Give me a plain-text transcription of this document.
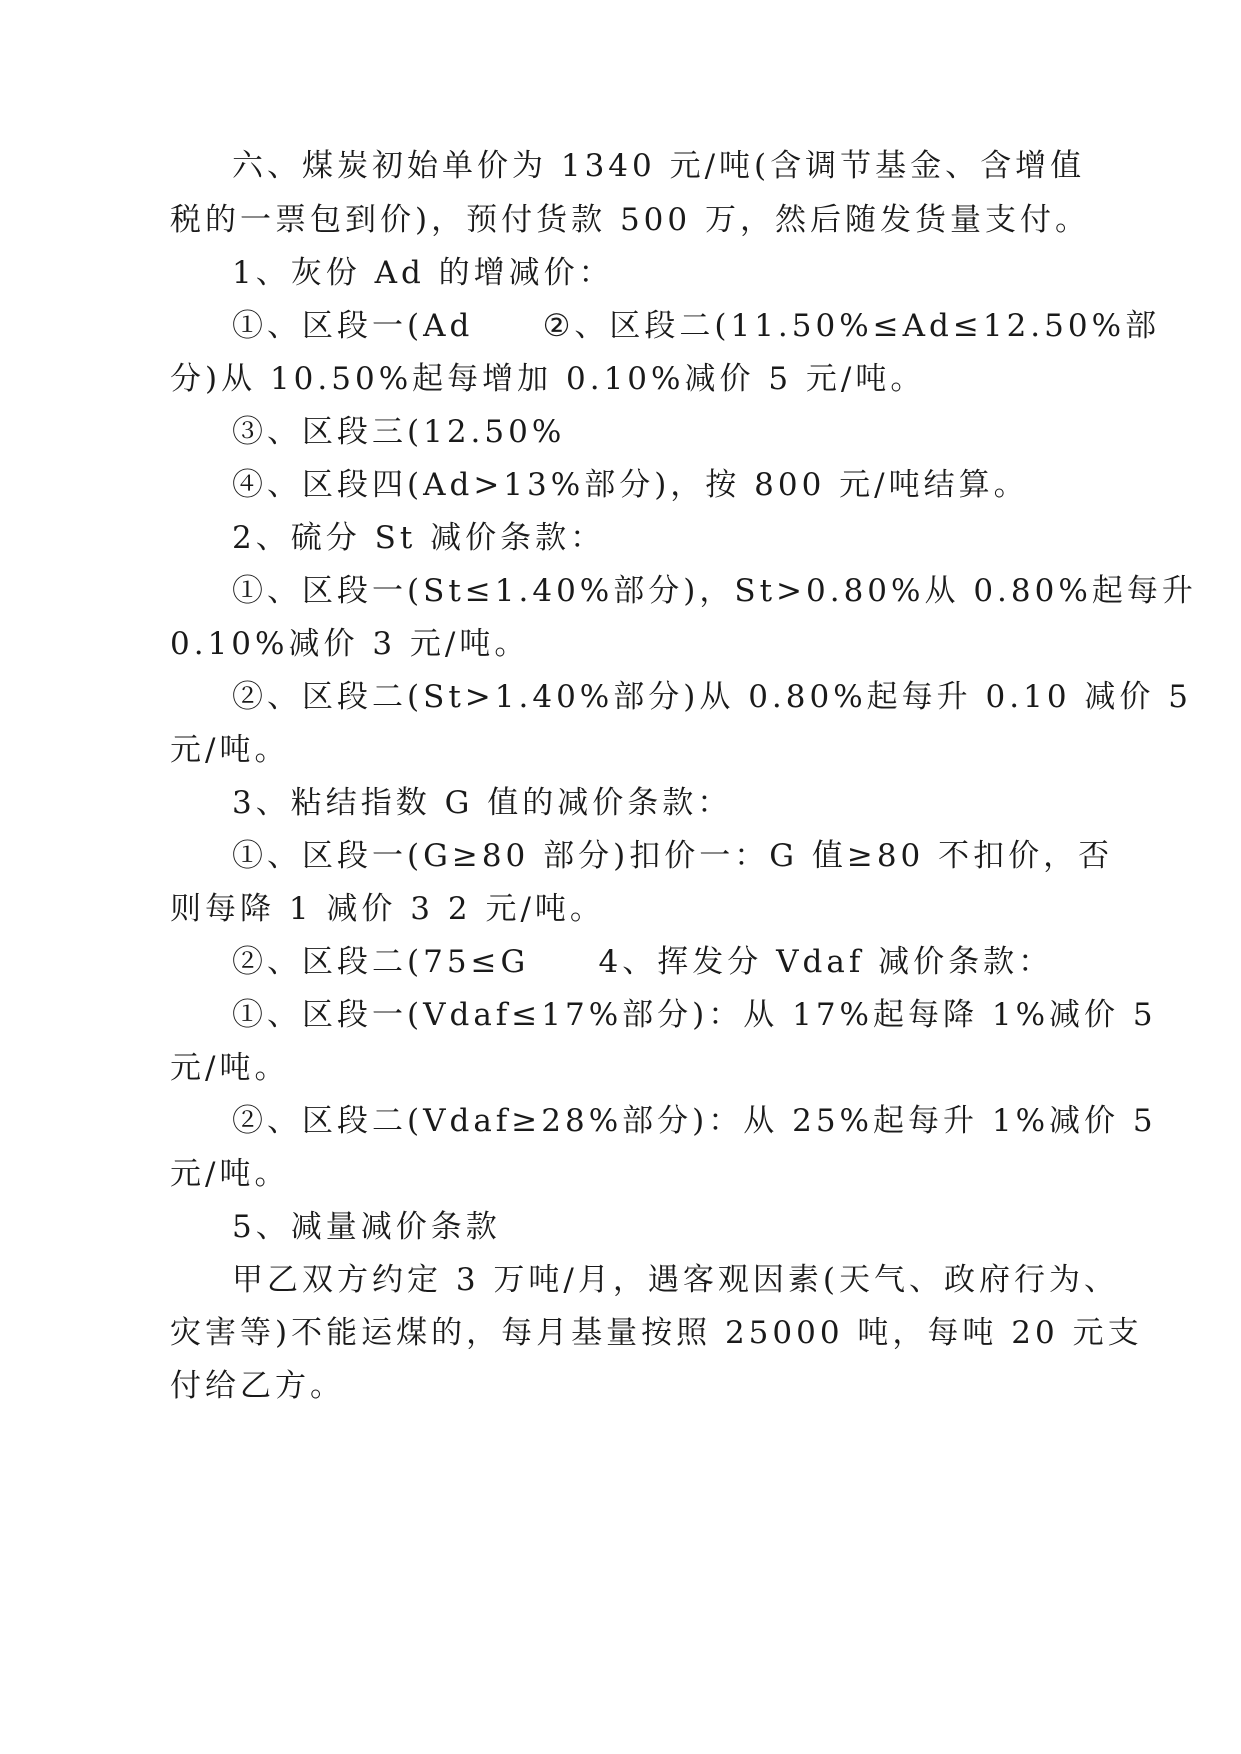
六、煤炭初始单价为 1340 元/吨(含调节基金、含增值
税的一票包到价)，预付货款 500 万，然后随发货量支付。
1、灰份 Ad 的增减价：
①、区段一(Ad     ②、区段二(11.50%≤Ad≤12.50%部
分)从 10.50%起每增加 0.10%减价 5 元/吨。
③、区段三(12.50%
④、区段四(Ad>13%部分)，按 800 元/吨结算。
2、硫分 St 减价条款：
①、区段一(St≤1.40%部分)，St>0.80%从 0.80%起每升
0.10%减价 3 元/吨。
②、区段二(St>1.40%部分)从 0.80%起每升 0.10 减价 5
元/吨。
3、粘结指数 G 值的减价条款：
①、区段一(G≥80 部分)扣价一：G 值≥80 不扣价，否
则每降 1 减价 3 2 元/吨。
②、区段二(75≤G     4、挥发分 Vdaf 减价条款：
①、区段一(Vdaf≤17%部分)：从 17%起每降 1%减价 5
元/吨。
②、区段二(Vdaf≥28%部分)：从 25%起每升 1%减价 5
元/吨。
5、减量减价条款
甲乙双方约定 3 万吨/月，遇客观因素(天气、政府行为、
灾害等)不能运煤的，每月基量按照 25000 吨，每吨 20 元支
付给乙方。
